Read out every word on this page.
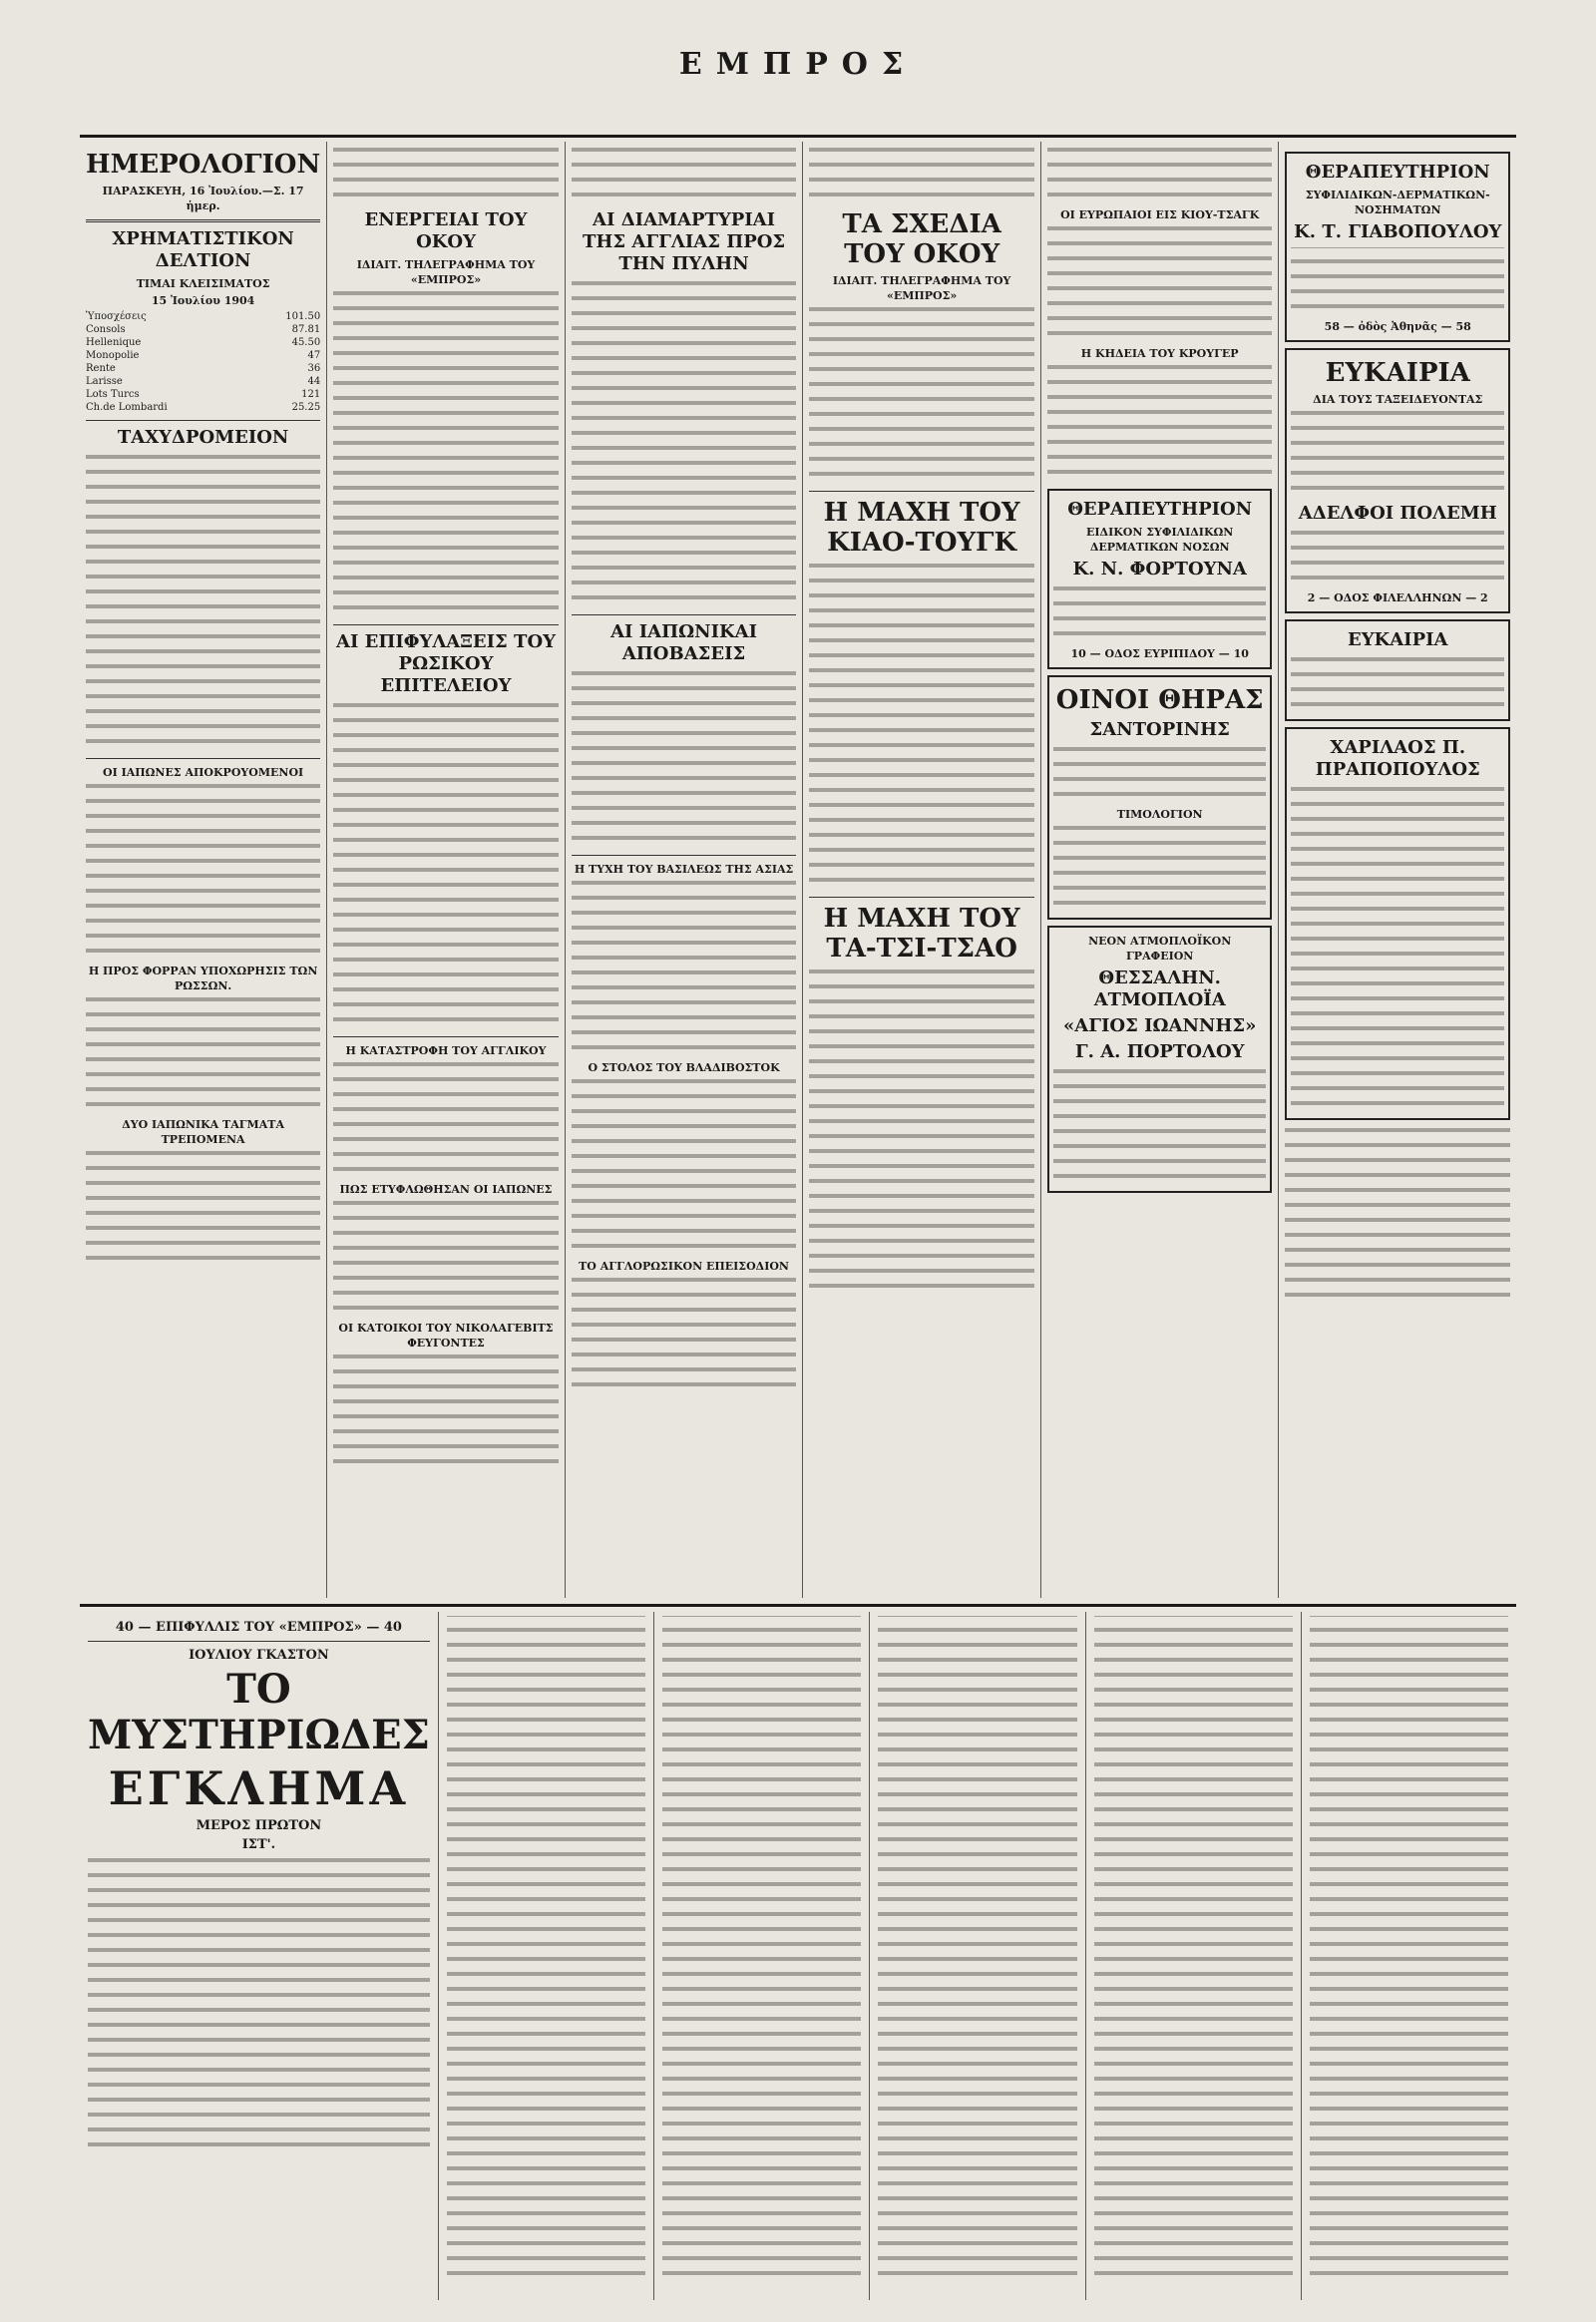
ΕΜΠΡΟΣ
ΗΜΕΡΟΛΟΓΙΟΝ
ΠΑΡΑΣΚΕΥΗ, 16 Ἰουλίου.—Σ. 17 ἡμερ.
ΧΡΗΜΑΤΙΣΤΙΚΟΝ ΔΕΛΤΙΟΝ
ΤΙΜΑΙ ΚΛΕΙΣΙΜΑΤΟΣ
15 Ἰουλίου 1904
Ὑποσχέσεις	101.50
Consols	87.81
Hellenique	45.50
Monopolie	47
Rente	36
Larisse	44
Lots Turcs	121
Ch.de Lombardi	25.25
ΤΑΧΥΔΡΟΜΕΙΟΝ
ΟΙ ΙΑΠΩΝΕΣ ΑΠΟΚΡΟΥΟΜΕΝΟΙ
Η ΠΡΟΣ ΦΟΡΡΑΝ ΥΠΟΧΩΡΗΣΙΣ ΤΩΝ ΡΩΣΣΩΝ.
ΔΥΟ ΙΑΠΩΝΙΚΑ ΤΑΓΜΑΤΑ ΤΡΕΠΟΜΕΝΑ
ΕΝΕΡΓΕΙΑΙ ΤΟΥ ΟΚΟΥ
ΙΔΙΑΙΤ. ΤΗΛΕΓΡΑΦΗΜΑ ΤΟΥ «ΕΜΠΡΟΣ»
ΑΙ ΕΠΙΦΥΛΑΞΕΙΣ ΤΟΥ ΡΩΣΙΚΟΥ ΕΠΙΤΕΛΕΙΟΥ
Η ΚΑΤΑΣΤΡΟΦΗ ΤΟΥ ΑΓΓΛΙΚΟΥ
ΠΩΣ ΕΤΥΦΛΩΘΗΣΑΝ ΟΙ ΙΑΠΩΝΕΣ
ΟΙ ΚΑΤΟΙΚΟΙ ΤΟΥ ΝΙΚΟΛΑΓΕΒΙΤΣ ΦΕΥΓΟΝΤΕΣ
ΑΙ ΔΙΑΜΑΡΤΥΡΙΑΙ ΤΗΣ ΑΓΓΛΙΑΣ ΠΡΟΣ ΤΗΝ ΠΥΛΗΝ
ΑΙ ΙΑΠΩΝΙΚΑΙ ΑΠΟΒΑΣΕΙΣ
Η ΤΥΧΗ ΤΟΥ ΒΑΣΙΛΕΩΣ ΤΗΣ ΑΣΙΑΣ
Ο ΣΤΟΛΟΣ ΤΟΥ ΒΛΑΔΙΒΟΣΤΟΚ
ΤΟ ΑΓΓΛΟΡΩΣΙΚΟΝ ΕΠΕΙΣΟΔΙΟΝ
ΤΑ ΣΧΕΔΙΑ ΤΟΥ ΟΚΟΥ
ΙΔΙΑΙΤ. ΤΗΛΕΓΡΑΦΗΜΑ ΤΟΥ «ΕΜΠΡΟΣ»
Η ΜΑΧΗ ΤΟΥ ΚΙΑΟ-ΤΟΥΓΚ
Η ΜΑΧΗ ΤΟΥ ΤΑ-ΤΣΙ-ΤΣΑΟ
ΟΙ ΕΥΡΩΠΑΙΟΙ ΕΙΣ ΚΙΟΥ-ΤΣΑΓΚ
Η ΚΗΔΕΙΑ ΤΟΥ ΚΡΟΥΓΕΡ
ΘΕΡΑΠΕΥΤΗΡΙΟΝ
ΕΙΔΙΚΟΝ ΣΥΦΙΛΙΔΙΚΩΝ ΔΕΡΜΑΤΙΚΩΝ ΝΟΣΩΝ
Κ. Ν. ΦΟΡΤΟΥΝΑ
10 — ΟΔΟΣ ΕΥΡΙΠΙΔΟΥ — 10
ΟΙΝΟΙ ΘΗΡΑΣ
ΣΑΝΤΟΡΙΝΗΣ
ΤΙΜΟΛΟΓΙΟΝ
ΝΕΟΝ ΑΤΜΟΠΛΟΪΚΟΝ ΓΡΑΦΕΙΟΝ
ΘΕΣΣΑΛΗΝ. ΑΤΜΟΠΛΟΪΑ
«ΑΓΙΟΣ ΙΩΑΝΝΗΣ»
Γ. Α. ΠΟΡΤΟΛΟΥ
ΘΕΡΑΠΕΥΤΗΡΙΟΝ
ΣΥΦΙΛΙΔΙΚΩΝ-ΔΕΡΜΑΤΙΚΩΝ-ΝΟΣΗΜΑΤΩΝ
Κ. Τ. ΓΙΑΒΟΠΟΥΛΟΥ
58 — ὁδὸς Ἀθηνᾶς — 58
ΕΥΚΑΙΡΙΑ
ΔΙΑ ΤΟΥΣ ΤΑΞΕΙΔΕΥΟΝΤΑΣ
ΑΔΕΛΦΟΙ ΠΟΛΕΜΗ
2 — ΟΔΟΣ ΦΙΛΕΛΛΗΝΩΝ — 2
ΕΥΚΑΙΡΙΑ
ΧΑΡΙΛΑΟΣ Π. ΠΡΑΠΟΠΟΥΛΟΣ
40 — ΕΠΙΦΥΛΛΙΣ ΤΟΥ «ΕΜΠΡΟΣ» — 40
ΙΟΥΛΙΟΥ ΓΚΑΣΤΟΝ
ΤΟ ΜΥΣΤΗΡΙΩΔΕΣ
ΕΓΚΛΗΜΑ
ΜΕΡΟΣ ΠΡΩΤΟΝ
ΙΣΤ'.
